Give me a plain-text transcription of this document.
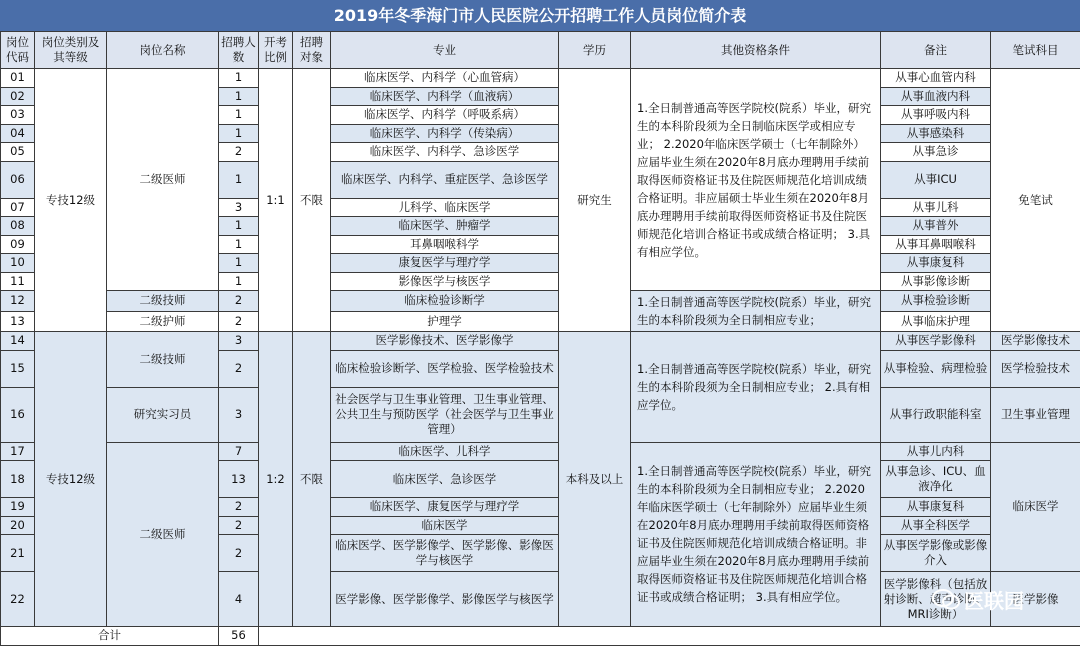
2019年冬季海门市人民医院公开招聘工作人员岗位简介表
岗位代码	岗位类别及其等级	岗位名称	招聘人数	开考比例	招聘对象	专业	学历	其他资格条件	备注	笔试科目
01	专技12级	二级医师	1	1:1	不限	临床医学、内科学（心血管病）	研究生	1.全日制普通高等医学院校(院系）毕业，研究生的本科阶段须为全日制临床医学或相应专业； 2.2020年临床医学硕士（七年制除外）应届毕业生须在2020年8月底办理聘用手续前取得医师资格证书及住院医师规范化培训成绩合格证明。非应届硕士毕业生须在2020年8月底办理聘用手续前取得医师资格证书及住院医师规范化培训合格证书或成绩合格证明； 3.具有相应学位。	从事心血管内科	免笔试
02			1			临床医学、内科学（血液病）			从事血液内科	
03			1			临床医学、内科学（呼吸系病）			从事呼吸内科	
04			1			临床医学、内科学（传染病）			从事感染科	
05			2			临床医学、内科学、急诊医学			从事急诊	
06			1			临床医学、内科学、重症医学、急诊医学			从事ICU	
07			3			儿科学、临床医学			从事儿科	
08			1			临床医学、肿瘤学			从事普外	
09			1			耳鼻咽喉科学			从事耳鼻咽喉科	
10			1			康复医学与理疗学			从事康复科	
11			1			影像医学与核医学			从事影像诊断	
12		二级技师	2			临床检验诊断学		1.全日制普通高等医学院校(院系）毕业，研究生的本科阶段须为全日制相应专业；	从事检验诊断	
13		二级护师	2			护理学			从事临床护理	
14	专技12级	二级技师	3	1:2	不限	医学影像技术、医学影像学	本科及以上	1.全日制普通高等医学院校(院系）毕业，研究生的本科阶段须为全日制相应专业； 2.具有相应学位。	从事医学影像科	医学影像技术
15			2			临床检验诊断学、医学检验、医学检验技术			从事检验、病理检验	医学检验技术
16		研究实习员	3			社会医学与卫生事业管理、卫生事业管理、公共卫生与预防医学（社会医学与卫生事业管理）			从事行政职能科室	卫生事业管理
17		二级医师	7			临床医学、儿科学		1.全日制普通高等医学院校(院系）毕业，研究生的本科阶段须为全日制相应专业； 2.2020年临床医学硕士（七年制除外）应届毕业生须在2020年8月底办理聘用手续前取得医师资格证书及住院医师规范化培训成绩合格证明。非应届毕业生须在2020年8月底办理聘用手续前取得医师资格证书及住院医师规范化培训合格证书或成绩合格证明； 3.具有相应学位。	从事儿内科	临床医学
18			13			临床医学、急诊医学			从事急诊、ICU、血液净化	
19			2			临床医学、康复医学与理疗学			从事康复科	
20			2			临床医学			从事全科医学	
21			2			临床医学、医学影像学、医学影像、影像医学与核医学			从事医学影像或影像介入	
22			4			医学影像、医学影像学、影像医学与核医学			医学影像科（包括放射诊断、超声诊断、MRI诊断）	医学影像
合计			56							
医联园
